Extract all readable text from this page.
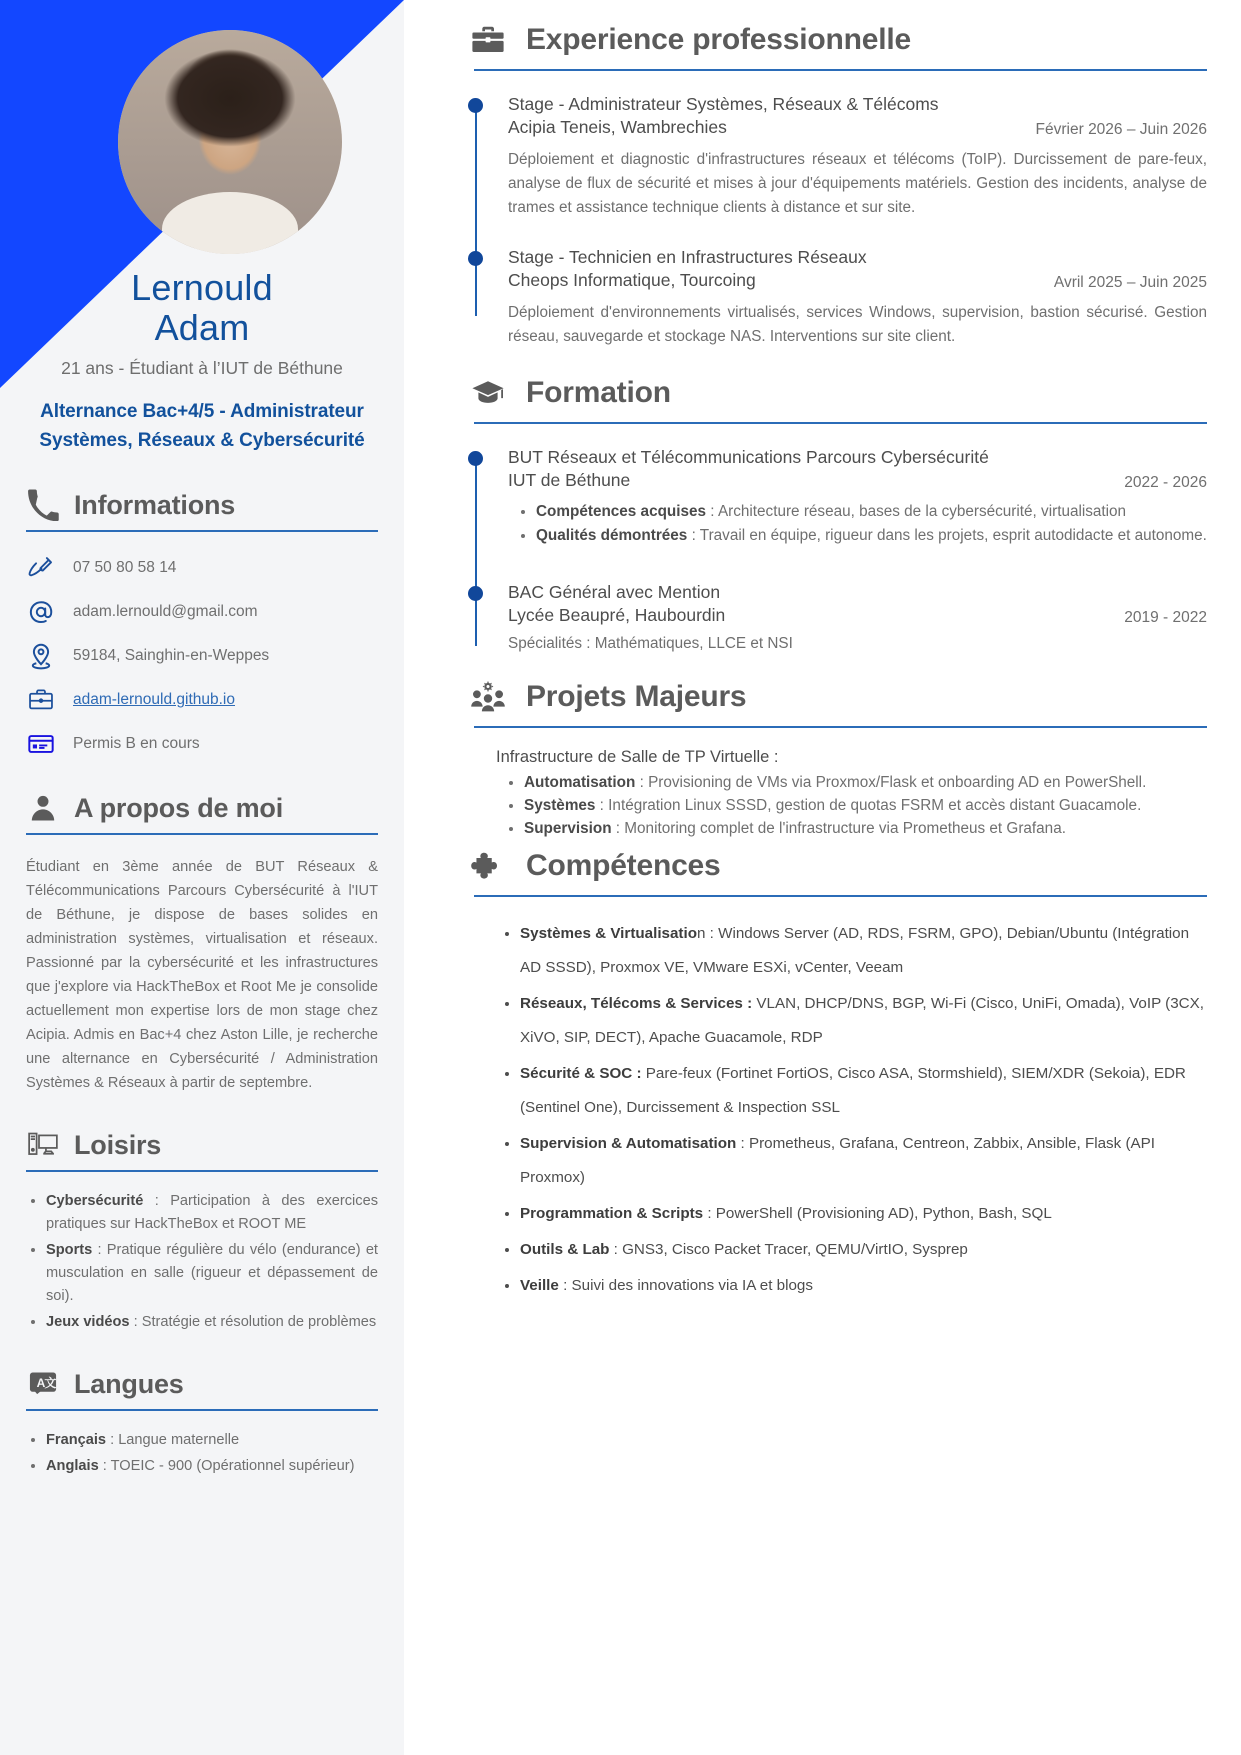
Lernould
Adam
21 ans - Étudiant à l’IUT de Béthune
Alternance Bac+4/5 - Administrateur Systèmes, Réseaux & Cybersécurité
Informations
07 50 80 58 14
adam.lernould@gmail.com
59184, Sainghin-en-Weppes
adam-lernould.github.io
Permis B en cours
A propos de moi

Étudiant en 3ème année de BUT Réseaux & Télécommunications Parcours Cybersécurité à l'IUT de Béthune, je dispose de bases solides en administration systèmes, virtualisation et réseaux. Passionné par la cybersécurité et les infrastructures que j'explore via HackTheBox et Root Me je consolide actuellement mon expertise lors de mon stage chez Acipia. Admis en Bac+4 chez Aston Lille, je recherche une alternance en Cybersécurité / Administration Systèmes & Réseaux à partir de septembre.

Loisirs
• Cybersécurité : Participation à des exercices pratiques sur HackTheBox et ROOT ME
• Sports : Pratique régulière du vélo (endurance) et musculation en salle (rigueur et dépassement de soi).
• Jeux vidéos : Stratégie et résolution de problèmes
A 文 Langues
• Français : Langue maternelle
• Anglais : TOEIC - 900 (Opérationnel supérieur)
Experience professionnelle
Stage - Administrateur Systèmes, Réseaux & Télécoms
Acipia Teneis, Wambrechies	Février 2026 – Juin 2026

Déploiement et diagnostic d'infrastructures réseaux et télécoms (ToIP). Durcissement de pare-feux, analyse de flux de sécurité et mises à jour d'équipements matériels. Gestion des incidents, analyse de trames et assistance technique clients à distance et sur site.

Stage - Technicien en Infrastructures Réseaux
Cheops Informatique, Tourcoing	Avril 2025 – Juin 2025

Déploiement d'environnements virtualisés, services Windows, supervision, bastion sécurisé. Gestion réseau, sauvegarde et stockage NAS. Interventions sur site client.

Formation
BUT Réseaux et Télécommunications Parcours Cybersécurité
IUT de Béthune	2022 - 2026
• Compétences acquises : Architecture réseau, bases de la cybersécurité, virtualisation
• Qualités démontrées : Travail en équipe, rigueur dans les projets, esprit autodidacte et autonome.
BAC Général avec Mention
Lycée Beaupré, Haubourdin	2019 - 2022
Spécialités : Mathématiques, LLCE et NSI
Projets Majeurs
Infrastructure de Salle de TP Virtuelle :
• Automatisation : Provisioning de VMs via Proxmox/Flask et onboarding AD en PowerShell.
• Systèmes : Intégration Linux SSSD, gestion de quotas FSRM et accès distant Guacamole.
• Supervision : Monitoring complet de l'infrastructure via Prometheus et Grafana.
Compétences
• Systèmes & Virtualisation : Windows Server (AD, RDS, FSRM, GPO), Debian/Ubuntu (Intégration AD SSSD), Proxmox VE, VMware ESXi, vCenter, Veeam
• Réseaux, Télécoms & Services : VLAN, DHCP/DNS, BGP, Wi-Fi (Cisco, UniFi, Omada), VoIP (3CX, XiVO, SIP, DECT), Apache Guacamole, RDP
• Sécurité & SOC : Pare-feux (Fortinet FortiOS, Cisco ASA, Stormshield), SIEM/XDR (Sekoia), EDR (Sentinel One), Durcissement & Inspection SSL
• Supervision & Automatisation : Prometheus, Grafana, Centreon, Zabbix, Ansible, Flask (API Proxmox)
• Programmation & Scripts : PowerShell (Provisioning AD), Python, Bash, SQL
• Outils & Lab : GNS3, Cisco Packet Tracer, QEMU/VirtIO, Sysprep
• Veille : Suivi des innovations via IA et blogs
